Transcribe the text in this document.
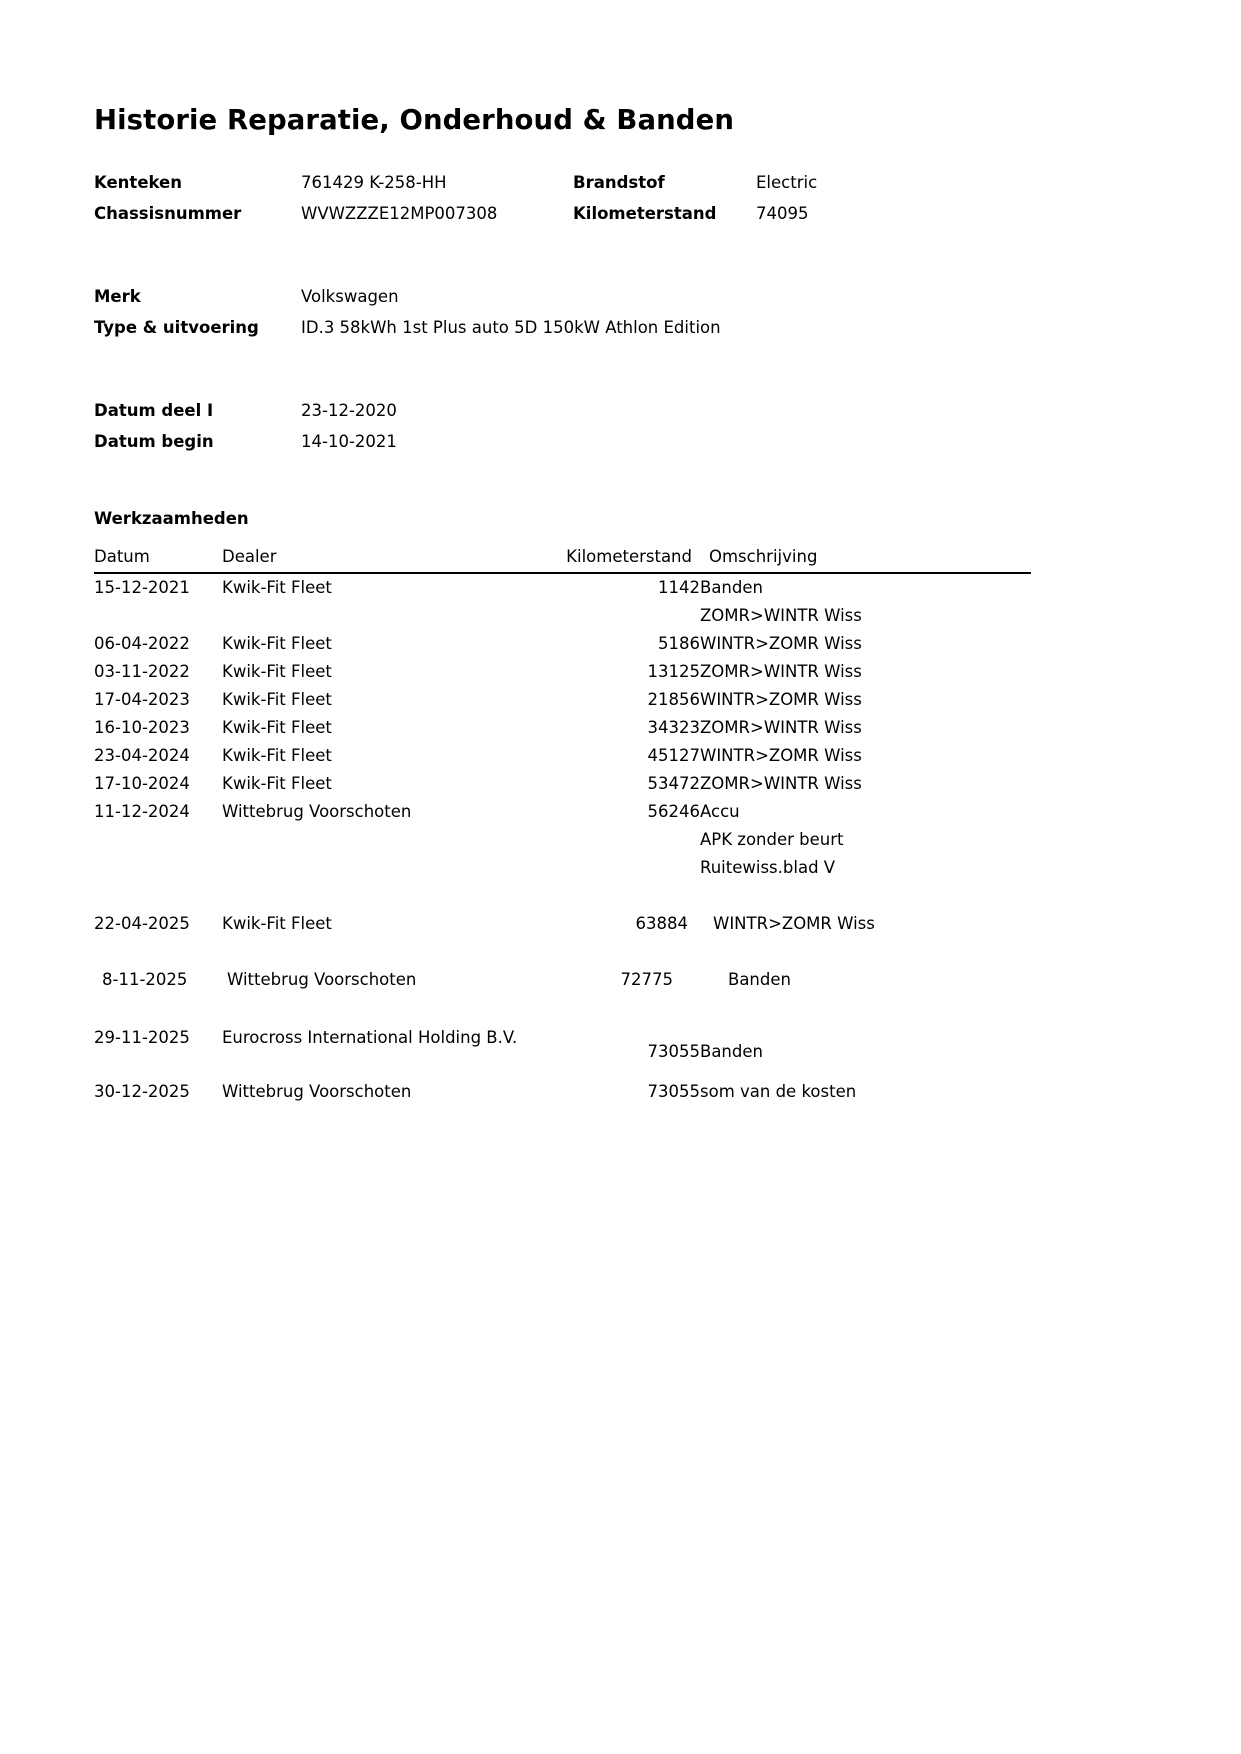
Historie Reparatie, Onderhoud & Banden
Kenteken	761429 K-258-HH	Brandstof	Electric
Chassisnummer	WVWZZZE12MP007308	Kilometerstand	74095
Merk	Volkswagen
Type & uitvoering	ID.3 58kWh 1st Plus auto 5D 150kW Athlon Edition
Datum deel I	23-12-2020
Datum begin	14-10-2021
Werkzaamheden
Datum	Dealer	Kilometerstand	Omschrijving
15-12-2021	Kwik-Fit Fleet	1142	Banden
			ZOMR>WINTR Wiss
06-04-2022	Kwik-Fit Fleet	5186	WINTR>ZOMR Wiss
03-11-2022	Kwik-Fit Fleet	13125	ZOMR>WINTR Wiss
17-04-2023	Kwik-Fit Fleet	21856	WINTR>ZOMR Wiss
16-10-2023	Kwik-Fit Fleet	34323	ZOMR>WINTR Wiss
23-04-2024	Kwik-Fit Fleet	45127	WINTR>ZOMR Wiss
17-10-2024	Kwik-Fit Fleet	53472	ZOMR>WINTR Wiss
11-12-2024	Wittebrug Voorschoten	56246	Accu
			APK zonder beurt
			Ruitewiss.blad V

22-04-2025	Kwik-Fit Fleet	63884	WINTR>ZOMR Wiss

8-11-2025	Wittebrug Voorschoten	72775	Banden

29-11-2025	Eurocross International Holding B.V.	73055	Banden
30-12-2025	Wittebrug Voorschoten	73055	som van de kosten
